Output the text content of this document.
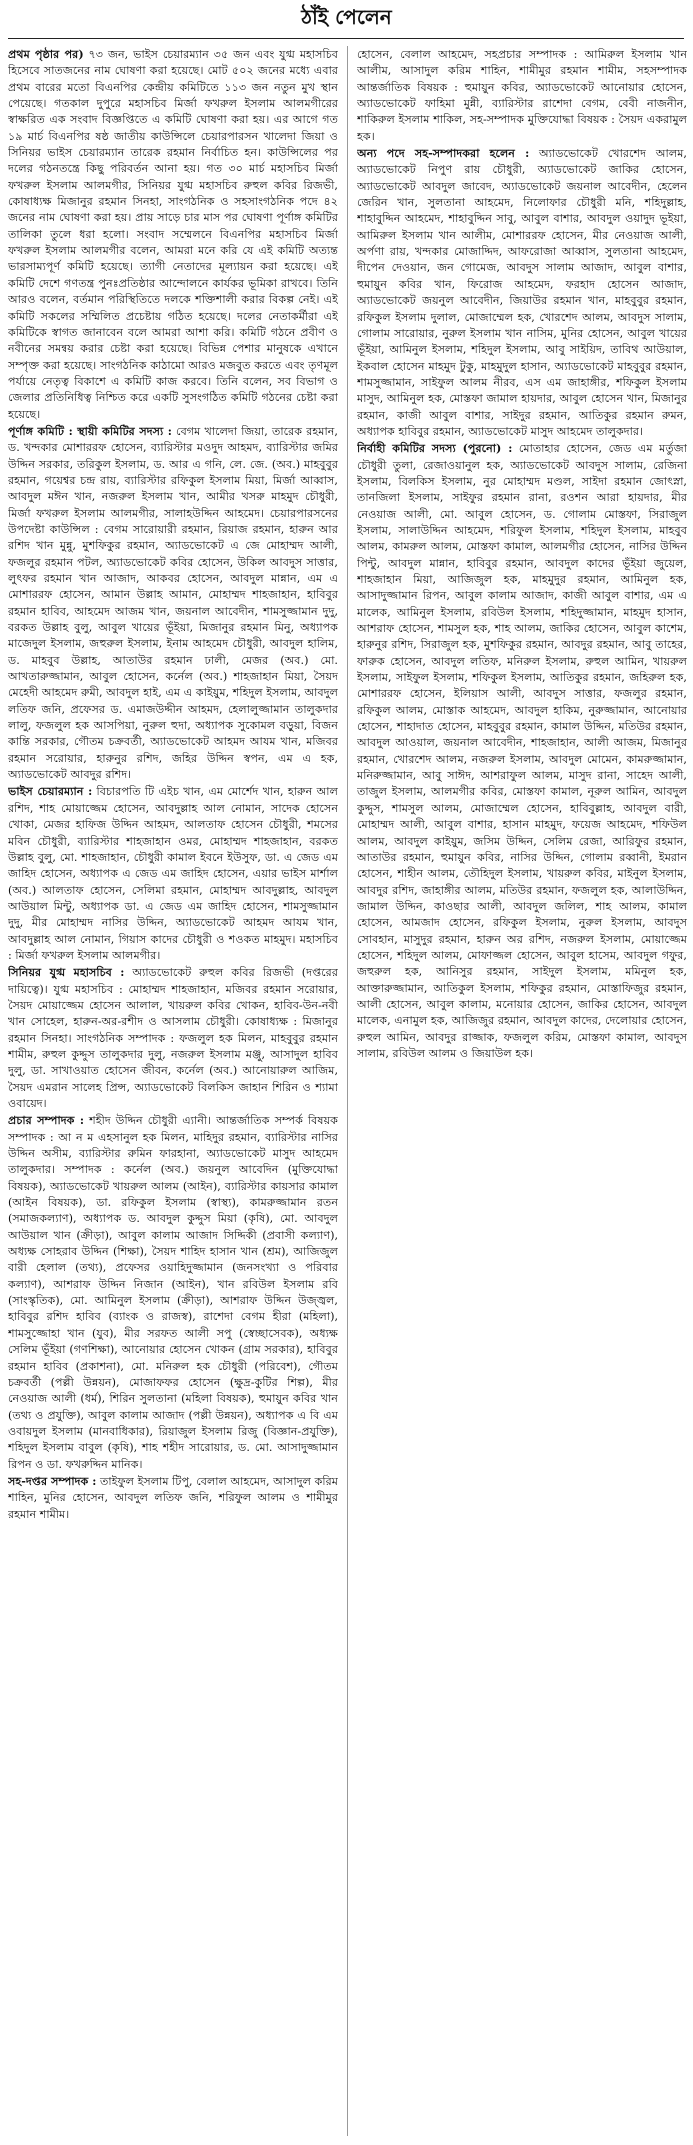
ঠাঁই পেলেন

প্রথম পৃষ্ঠার পর) ৭৩ জন, ভাইস চেয়ারম্যান ৩৫ জন এবং যুগ্ম মহাসচিব হিসেবে সাতজনের নাম ঘোষণা করা হয়েছে। মোট ৫০২ জনের মধ্যে এবার প্রথম বারের মতো বিএনপির কেন্দ্রীয় কমিটিতে ১১৩ জন নতুন মুখ স্থান পেয়েছে। গতকাল দুপুরে মহাসচিব মির্জা ফখরুল ইসলাম আলমগীরের স্বাক্ষরিত এক সংবাদ বিজ্ঞপ্তিতে এ কমিটি ঘোষণা করা হয়। এর আগে গত ১৯ মার্চ বিএনপির ষষ্ঠ জাতীয় কাউন্সিলে চেয়ারপারসন খালেদা জিয়া ও সিনিয়র ভাইস চেয়ারম্যান তারেক রহমান নির্বাচিত হন। কাউন্সিলের পর দলের গঠনতন্ত্রে কিছু পরিবর্তন আনা হয়। গত ৩০ মার্চ মহাসচিব মির্জা ফখরুল ইসলাম আলমগীর, সিনিয়র যুগ্ম মহাসচিব রুহুল কবির রিজভী, কোষাধ্যক্ষ মিজানুর রহমান সিনহা, সাংগঠনিক ও সহসাংগঠনিক পদে ৪২ জনের নাম ঘোষণা করা হয়। প্রায় সাড়ে চার মাস পর ঘোষণা পূর্ণাঙ্গ কমিটির তালিকা তুলে ধরা হলো। সংবাদ সম্মেলনে বিএনপির মহাসচিব মির্জা ফখরুল ইসলাম আলমগীর বলেন, আমরা মনে করি যে এই কমিটি অত্যন্ত ভারসাম্যপূর্ণ কমিটি হয়েছে। ত্যাগী নেতাদের মূল্যায়ন করা হয়েছে। এই কমিটি দেশে গণতন্ত্র পুনঃপ্রতিষ্ঠার আন্দোলনে কার্যকর ভূমিকা রাখবে। তিনি আরও বলেন, বর্তমান পরিস্থিতিতে দলকে শক্তিশালী করার বিকল্প নেই। এই কমিটি সকলের সম্মিলিত প্রচেষ্টায় গঠিত হয়েছে। দলের নেতাকর্মীরা এই কমিটিকে স্বাগত জানাবেন বলে আমরা আশা করি। কমিটি গঠনে প্রবীণ ও নবীনের সমন্বয় করার চেষ্টা করা হয়েছে। বিভিন্ন পেশার মানুষকে এখানে সম্পৃক্ত করা হয়েছে। সাংগঠনিক কাঠামো আরও মজবুত করতে এবং তৃণমূল পর্যায়ে নেতৃত্ব বিকাশে এ কমিটি কাজ করবে। তিনি বলেন, সব বিভাগ ও জেলার প্রতিনিধিত্ব নিশ্চিত করে একটি সুসংগঠিত কমিটি গঠনের চেষ্টা করা হয়েছে।

পূর্ণাঙ্গ কমিটি : স্থায়ী কমিটির সদস্য : বেগম খালেদা জিয়া, তারেক রহমান, ড. খন্দকার মোশাররফ হোসেন, ব্যারিস্টার মওদুদ আহমদ, ব্যারিস্টার জমির উদ্দিন সরকার, তরিকুল ইসলাম, ড. আর এ গনি, লে. জে. (অব.) মাহবুবুর রহমান, গয়েশ্বর চন্দ্র রায়, ব্যারিস্টার রফিকুল ইসলাম মিয়া, মির্জা আব্বাস, আবদুল মঈন খান, নজরুল ইসলাম খান, আমীর খসরু মাহমুদ চৌধুরী, মির্জা ফখরুল ইসলাম আলমগীর, সালাহউদ্দিন আহমেদ। চেয়ারপারসনের উপদেষ্টা কাউন্সিল : বেগম সারোয়ারী রহমান, রিয়াজ রহমান, হারুন আর রশিদ খান মুন্নু, মুশফিকুর রহমান, অ্যাডভোকেট এ জে মোহাম্মদ আলী, ফজলুর রহমান পটল, অ্যাডভোকেট কবির হোসেন, উকিল আবদুস সাত্তার, লুৎফর রহমান খান আজাদ, আকবর হোসেন, আবদুল মান্নান, এম এ মোশাররফ হোসেন, আমান উল্লাহ আমান, মোহাম্মদ শাহজাহান, হাবিবুর রহমান হাবিব, আহমেদ আজম খান, জয়নাল আবেদীন, শামসুজ্জামান দুদু, বরকত উল্লাহ বুলু, আবুল খায়ের ভূঁইয়া, মিজানুর রহমান মিনু, অধ্যাপক মাজেদুল ইসলাম, জহুরুল ইসলাম, ইনাম আহমেদ চৌধুরী, আবদুল হালিম, ড. মাহবুব উল্লাহ, আতাউর রহমান ঢালী, মেজর (অব.) মো. আখতারুজ্জামান, আবুল হোসেন, কর্নেল (অব.) শাহজাহান মিয়া, সৈয়দ মেহেদী আহমেদ রুমী, আবদুল হাই, এম এ কাইয়ুম, শহিদুল ইসলাম, আবদুল লতিফ জনি, প্রফেসর ড. এমাজউদ্দীন আহমদ, হেলালুজ্জামান তালুকদার লালু, ফজলুল হক আসপিয়া, নুরুল হুদা, অধ্যাপক সুকোমল বড়ুয়া, বিজন কান্তি সরকার, গৌতম চক্রবর্তী, অ্যাডভোকেট আহমদ আযম খান, মজিবর রহমান সরোয়ার, হারুনুর রশিদ, জহির উদ্দিন স্বপন, এম এ হক, অ্যাডভোকেট আবদুর রশিদ।

ভাইস চেয়ারম্যান : বিচারপতি টি এইচ খান, এম মোর্শেদ খান, হারুন আল রশিদ, শাহ মোয়াজ্জেম হোসেন, আবদুল্লাহ আল নোমান, সাদেক হোসেন খোকা, মেজর হাফিজ উদ্দিন আহমদ, আলতাফ হোসেন চৌধুরী, শমসের মবিন চৌধুরী, ব্যারিস্টার শাহজাহান ওমর, মোহাম্মদ শাহজাহান, বরকত উল্লাহ বুলু, মো. শাহজাহান, চৌধুরী কামাল ইবনে ইউসুফ, ডা. এ জেড এম জাহিদ হোসেন, অধ্যাপক এ জেড এম জাহিদ হোসেন, এয়ার ভাইস মার্শাল (অব.) আলতাফ হোসেন, সেলিমা রহমান, মোহাম্মদ আবদুল্লাহ, আবদুল আউয়াল মিন্টু, অধ্যাপক ডা. এ জেড এম জাহিদ হোসেন, শামসুজ্জামান দুদু, মীর মোহাম্মদ নাসির উদ্দিন, অ্যাডভোকেট আহমদ আযম খান, আবদুল্লাহ আল নোমান, গিয়াস কাদের চৌধুরী ও শওকত মাহমুদ। মহাসচিব : মির্জা ফখরুল ইসলাম আলমগীর।

সিনিয়র যুগ্ম মহাসচিব : অ্যাডভোকেট রুহুল কবির রিজভী (দপ্তরের দায়িত্বে)। যুগ্ম মহাসচিব : মোহাম্মদ শাহজাহান, মজিবর রহমান সরোয়ার, সৈয়দ মোয়াজ্জেম হোসেন আলাল, খায়রুল কবির খোকন, হাবিব-উন-নবী খান সোহেল, হারুন-অর-রশীদ ও আসলাম চৌধুরী। কোষাধ্যক্ষ : মিজানুর রহমান সিনহা। সাংগঠনিক সম্পাদক : ফজলুল হক মিলন, মাহবুবুর রহমান শামীম, রুহুল কুদ্দুস তালুকদার দুলু, নজরুল ইসলাম মঞ্জু, আসাদুল হাবিব দুলু, ডা. সাখাওয়াত হোসেন জীবন, কর্নেল (অব.) আনোয়ারুল আজিম, সৈয়দ এমরান সালেহ প্রিন্স, অ্যাডভোকেট বিলকিস জাহান শিরিন ও শ্যামা ওবায়েদ।

প্রচার সম্পাদক : শহীদ উদ্দিন চৌধুরী এ্যানী। আন্তর্জাতিক সম্পর্ক বিষয়ক সম্পাদক : আ ন ম এহসানুল হক মিলন, মাহিদুর রহমান, ব্যারিস্টার নাসির উদ্দিন অসীম, ব্যারিস্টার রুমিন ফারহানা, অ্যাডভোকেট মাসুদ আহমেদ তালুকদার। সম্পাদক : কর্নেল (অব.) জয়নুল আবেদিন (মুক্তিযোদ্ধা বিষয়ক), অ্যাডভোকেট খায়রুল আলম (আইন), ব্যারিস্টার কায়সার কামাল (আইন বিষয়ক), ডা. রফিকুল ইসলাম (স্বাস্থ্য), কামরুজ্জামান রতন (সমাজকল্যাণ), অধ্যাপক ড. আবদুল কুদ্দুস মিয়া (কৃষি), মো. আবদুল আউয়াল খান (ক্রীড়া), আবুল কালাম আজাদ সিদ্দিকী (প্রবাসী কল্যাণ), অধ্যক্ষ সোহরাব উদ্দিন (শিক্ষা), সৈয়দ শাহিদ হাসান খান (শ্রম), আজিজুল বারী হেলাল (তথ্য), প্রফেসর ওয়াহিদুজ্জামান (জনসংখ্যা ও পরিবার কল্যাণ), আশরাফ উদ্দিন নিজান (আইন), খান রবিউল ইসলাম রবি (সাংস্কৃতিক), মো. আমিনুল ইসলাম (ক্রীড়া), আশরাফ উদ্দিন উজ্জ্বল, হাবিবুর রশিদ হাবিব (ব্যাংক ও রাজস্ব), রাশেদা বেগম হীরা (মহিলা), শামসুজ্জোহা খান (যুব), মীর সরফত আলী সপু (স্বেচ্ছাসেবক), অধ্যক্ষ সেলিম ভূঁইয়া (গণশিক্ষা), আনোয়ার হোসেন খোকন (গ্রাম সরকার), হাবিবুর রহমান হাবিব (প্রকাশনা), মো. মনিরুল হক চৌধুরী (পরিবেশ), গৌতম চক্রবর্তী (পল্লী উন্নয়ন), মোজাফফর হোসেন (ক্ষুদ্র-কুটির শিল্প), মীর নেওয়াজ আলী (ধর্ম), শিরিন সুলতানা (মহিলা বিষয়ক), হুমায়ুন কবির খান (তথ্য ও প্রযুক্তি), আবুল কালাম আজাদ (পল্লী উন্নয়ন), অধ্যাপক এ বি এম ওবায়দুল ইসলাম (মানবাধিকার), রিয়াজুল ইসলাম রিজু (বিজ্ঞান-প্রযুক্তি), শহিদুল ইসলাম বাবুল (কৃষি), শাহ শহীদ সারোয়ার, ড. মো. আসাদুজ্জামান রিপন ও ডা. ফখরুদ্দিন মানিক।

সহ-দপ্তর সম্পাদক : তাইফুল ইসলাম টিপু, বেলাল আহমেদ, আসাদুল করিম শাহিন, মুনির হোসেন, আবদুল লতিফ জনি, শরিফুল আলম ও শামীমুর রহমান শামীম।

হোসেন, বেলাল আহমেদ, সহপ্রচার সম্পাদক : আমিরুল ইসলাম খান আলীম, আসাদুল করিম শাহিন, শামীমুর রহমান শামীম, সহসম্পাদক আন্তর্জাতিক বিষয়ক : হুমায়ুন কবির, অ্যাডভোকেট আনোয়ার হোসেন, অ্যাডভোকেট ফাহিমা মুন্নী, ব্যারিস্টার রাশেদা বেগম, বেবী নাজনীন, শাকিরুল ইসলাম শাকিল, সহ-সম্পাদক মুক্তিযোদ্ধা বিষয়ক : সৈয়দ একরামুল হক।

অন্য পদে সহ-সম্পাদকরা হলেন : অ্যাডভোকেট খোরশেদ আলম, অ্যাডভোকেট নিপুণ রায় চৌধুরী, অ্যাডভোকেট জাকির হোসেন, অ্যাডভোকেট আবদুল জাবেদ, অ্যাডভোকেট জয়নাল আবেদীন, হেলেন জেরিন খান, সুলতানা আহমেদ, নিলোফার চৌধুরী মনি, শহিদুল্লাহ, শাহাবুদ্দিন আহমেদ, শাহাবুদ্দিন সাবু, আবুল বাশার, আবদুল ওয়াদুদ ভূইয়া, আমিরুল ইসলাম খান আলীম, মোশাররফ হোসেন, মীর নেওয়াজ আলী, অর্পণা রায়, খন্দকার মোজাদ্দিদ, আফরোজা আব্বাস, সুলতানা আহমেদ, দীপেন দেওয়ান, জন গোমেজ, আবদুস সালাম আজাদ, আবুল বাশার, হুমায়ুন কবির খান, ফিরোজ আহমেদ, ফরহাদ হোসেন আজাদ, অ্যাডভোকেট জয়নুল আবেদীন, জিয়াউর রহমান খান, মাহবুবুর রহমান, রফিকুল ইসলাম দুলাল, মোজাম্মেল হক, খোরশেদ আলম, আবদুস সালাম, গোলাম সারোয়ার, নুরুল ইসলাম খান নাসিম, মুনির হোসেন, আবুল খায়ের ভূঁইয়া, আমিনুল ইসলাম, শহিদুল ইসলাম, আবু সাইয়িদ, তাবিথ আউয়াল, ইকবাল হোসেন মাহমুদ টুকু, মাহমুদুল হাসান, অ্যাডভোকেট মাহবুবুর রহমান, শামসুজ্জামান, সাইফুল আলম নীরব, এস এম জাহাঙ্গীর, শফিকুল ইসলাম মাসুদ, আমিনুল হক, মোস্তফা জামাল হায়দার, আবুল হোসেন খান, মিজানুর রহমান, কাজী আবুল বাশার, সাইদুর রহমান, আতিকুর রহমান রুমন, অধ্যাপক হাবিবুর রহমান, অ্যাডভোকেট মাসুদ আহমেদ তালুকদার।

নির্বাহী কমিটির সদস্য (পুরনো) : মোতাহার হোসেন, জেড এম মর্তুজা চৌধুরী তুলা, রেজাওয়ানুল হক, অ্যাডভোকেট আবদুস সালাম, রেজিনা ইসলাম, বিলকিস ইসলাম, নুর মোহাম্মদ মণ্ডল, সাইদা রহমান জোৎস্না, তানজিলা ইসলাম, সাইফুর রহমান রানা, রওশন আরা হায়দার, মীর নেওয়াজ আলী, মো. আবুল হোসেন, ড. গোলাম মোস্তফা, সিরাজুল ইসলাম, সালাউদ্দিন আহমেদ, শরিফুল ইসলাম, শহিদুল ইসলাম, মাহবুব আলম, কামরুল আলম, মোস্তফা কামাল, আলমগীর হোসেন, নাসির উদ্দিন পিন্টু, আবদুল মান্নান, হাবিবুর রহমান, আবদুল কাদের ভূঁইয়া জুয়েল, শাহজাহান মিয়া, আজিজুল হক, মাহমুদুর রহমান, আমিনুল হক, আসাদুজ্জামান রিপন, আবুল কালাম আজাদ, কাজী আবুল বাশার, এম এ মালেক, আমিনুল ইসলাম, রবিউল ইসলাম, শহিদুজ্জামান, মাহমুদ হাসান, আশরাফ হোসেন, শামসুল হক, শাহ আলম, জাকির হোসেন, আবুল কাশেম, হারুনুর রশিদ, সিরাজুল হক, মুশফিকুর রহমান, আবদুর রহমান, আবু তাহের, ফারুক হোসেন, আবদুল লতিফ, মনিরুল ইসলাম, রুহুল আমিন, খায়রুল ইসলাম, সাইফুল ইসলাম, শফিকুল ইসলাম, আতিকুর রহমান, জহিরুল হক, মোশাররফ হোসেন, ইলিয়াস আলী, আবদুস সাত্তার, ফজলুর রহমান, রফিকুল আলম, মোস্তাক আহমেদ, আবদুল হাকিম, নুরুজ্জামান, আনোয়ার হোসেন, শাহাদাত হোসেন, মাহবুবুর রহমান, কামাল উদ্দিন, মতিউর রহমান, আবদুল আওয়াল, জয়নাল আবেদীন, শাহজাহান, আলী আজম, মিজানুর রহমান, খোরশেদ আলম, নজরুল ইসলাম, আবদুল মোমেন, কামরুজ্জামান, মনিরুজ্জামান, আবু সাঈদ, আশরাফুল আলম, মাসুদ রানা, সাহেদ আলী, তাজুল ইসলাম, আলমগীর কবির, মোস্তফা কামাল, নূরুল আমিন, আবদুল কুদ্দুস, শামসুল আলম, মোজাম্মেল হোসেন, হাবিবুল্লাহ, আবদুল বারী, মোহাম্মদ আলী, আবুল বাশার, হাসান মাহমুদ, ফয়েজ আহমেদ, শফিউল আলম, আবদুল কাইয়ুম, জসিম উদ্দিন, সেলিম রেজা, আরিফুর রহমান, আতাউর রহমান, হুমায়ুন কবির, নাসির উদ্দিন, গোলাম রব্বানী, ইমরান হোসেন, শাহীন আলম, তৌহিদুল ইসলাম, খায়রুল কবির, মাইনুল ইসলাম, আবদুর রশিদ, জাহাঙ্গীর আলম, মতিউর রহমান, ফজলুল হক, আলাউদ্দিন, জামাল উদ্দিন, কাওছার আলী, আবদুল জলিল, শাহ আলম, কামাল হোসেন, আমজাদ হোসেন, রফিকুল ইসলাম, নুরুল ইসলাম, আবদুস সোবহান, মাসুদুর রহমান, হারুন অর রশিদ, নজরুল ইসলাম, মোয়াজ্জেম হোসেন, শহিদুল আলম, মোফাজ্জল হোসেন, আবুল হাসেম, আবদুল গফুর, জহুরুল হক, আনিসুর রহমান, সাইদুল ইসলাম, মমিনুল হক, আক্তারুজ্জামান, আতিকুল ইসলাম, শফিকুর রহমান, মোস্তাফিজুর রহমান, আলী হোসেন, আবুল কালাম, মনোয়ার হোসেন, জাকির হোসেন, আবদুল মালেক, এনামুল হক, আজিজুর রহমান, আবদুল কাদের, দেলোয়ার হোসেন, রুহুল আমিন, আবদুর রাজ্জাক, ফজলুল করিম, মোস্তফা কামাল, আবদুস সালাম, রবিউল আলম ও জিয়াউল হক।
